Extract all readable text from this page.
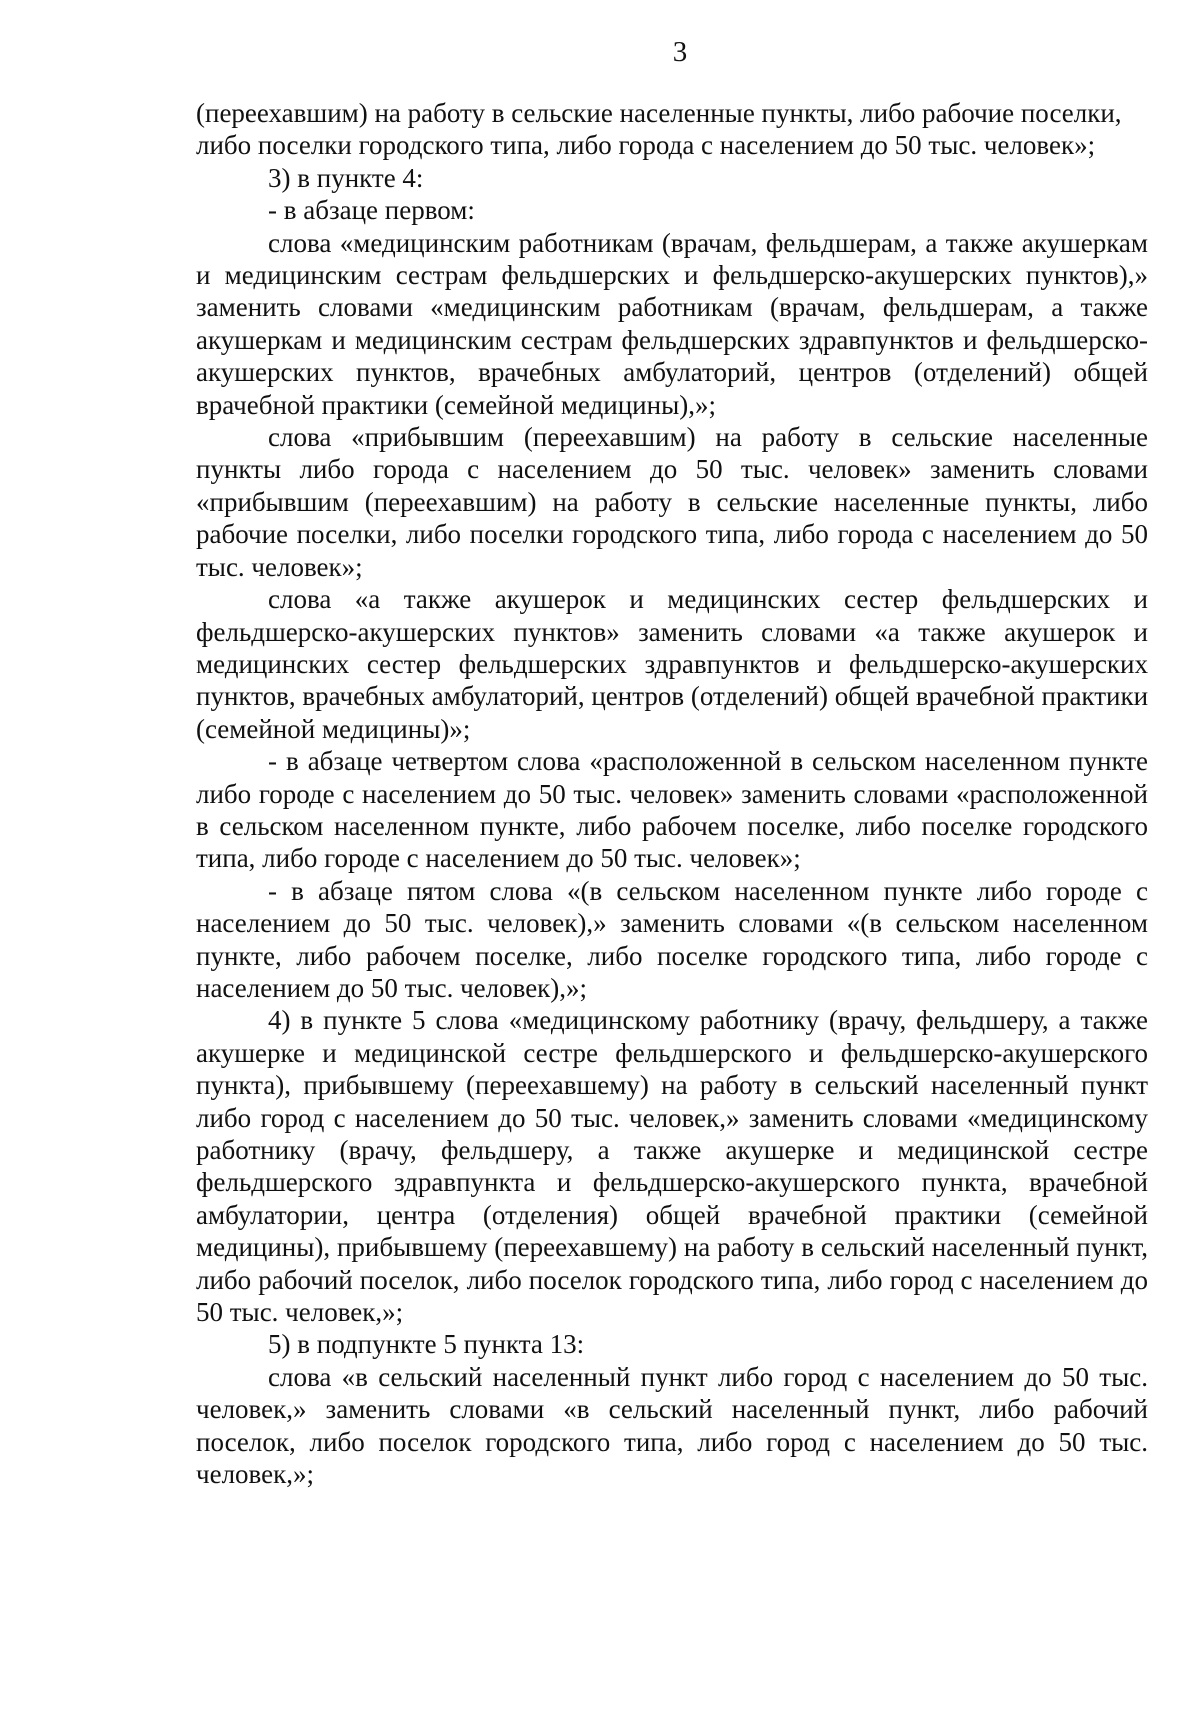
3

(переехавшим) на работу в сельские населенные пункты, либо рабочие поселки, либо поселки городского типа, либо города с населением до 50 тыс. человек»;

3) в пункте 4:

- в абзаце первом:

слова «медицинским работникам (врачам, фельдшерам, а также акушеркам и медицинским сестрам фельдшерских и фельдшерско-акушерских пунктов),» заменить словами «медицинским работникам (врачам, фельдшерам, а также акушеркам и медицинским сестрам фельдшерских здравпунктов и фельдшерско-акушерских пунктов, врачебных амбулаторий, центров (отделений) общей врачебной практики (семейной медицины),»;

слова «прибывшим (переехавшим) на работу в сельские населенные пункты либо города с населением до 50 тыс. человек» заменить словами «прибывшим (переехавшим) на работу в сельские населенные пункты, либо рабочие поселки, либо поселки городского типа, либо города с населением до 50 тыс. человек»;

слова «а также акушерок и медицинских сестер фельдшерских и фельдшерско-акушерских пунктов» заменить словами «а также акушерок и медицинских сестер фельдшерских здравпунктов и фельдшерско-акушерских пунктов, врачебных амбулаторий, центров (отделений) общей врачебной практики (семейной медицины)»;

- в абзаце четвертом слова «расположенной в сельском населенном пункте либо городе с населением до 50 тыс. человек» заменить словами «расположенной в сельском населенном пункте, либо рабочем поселке, либо поселке городского типа, либо городе с населением до 50 тыс. человек»;

- в абзаце пятом слова «(в сельском населенном пункте либо городе с населением до 50 тыс. человек),» заменить словами «(в сельском населенном пункте, либо рабочем поселке, либо поселке городского типа, либо городе с населением до 50 тыс. человек),»;

4) в пункте 5 слова «медицинскому работнику (врачу, фельдшеру, а также акушерке и медицинской сестре фельдшерского и фельдшерско-акушерского пункта), прибывшему (переехавшему) на работу в сельский населенный пункт либо город с населением до 50 тыс. человек,» заменить словами «медицинскому работнику (врачу, фельдшеру, а также акушерке и медицинской сестре фельдшерского здравпункта и фельдшерско-акушерского пункта, врачебной амбулатории, центра (отделения) общей врачебной практики (семейной медицины), прибывшему (переехавшему) на работу в сельский населенный пункт, либо рабочий поселок, либо поселок городского типа, либо город с населением до 50 тыс. человек,»;

5) в подпункте 5 пункта 13:

слова «в сельский населенный пункт либо город с населением до 50 тыс. человек,» заменить словами «в сельский населенный пункт, либо рабочий поселок, либо поселок городского типа, либо город с населением до 50 тыс. человек,»;
